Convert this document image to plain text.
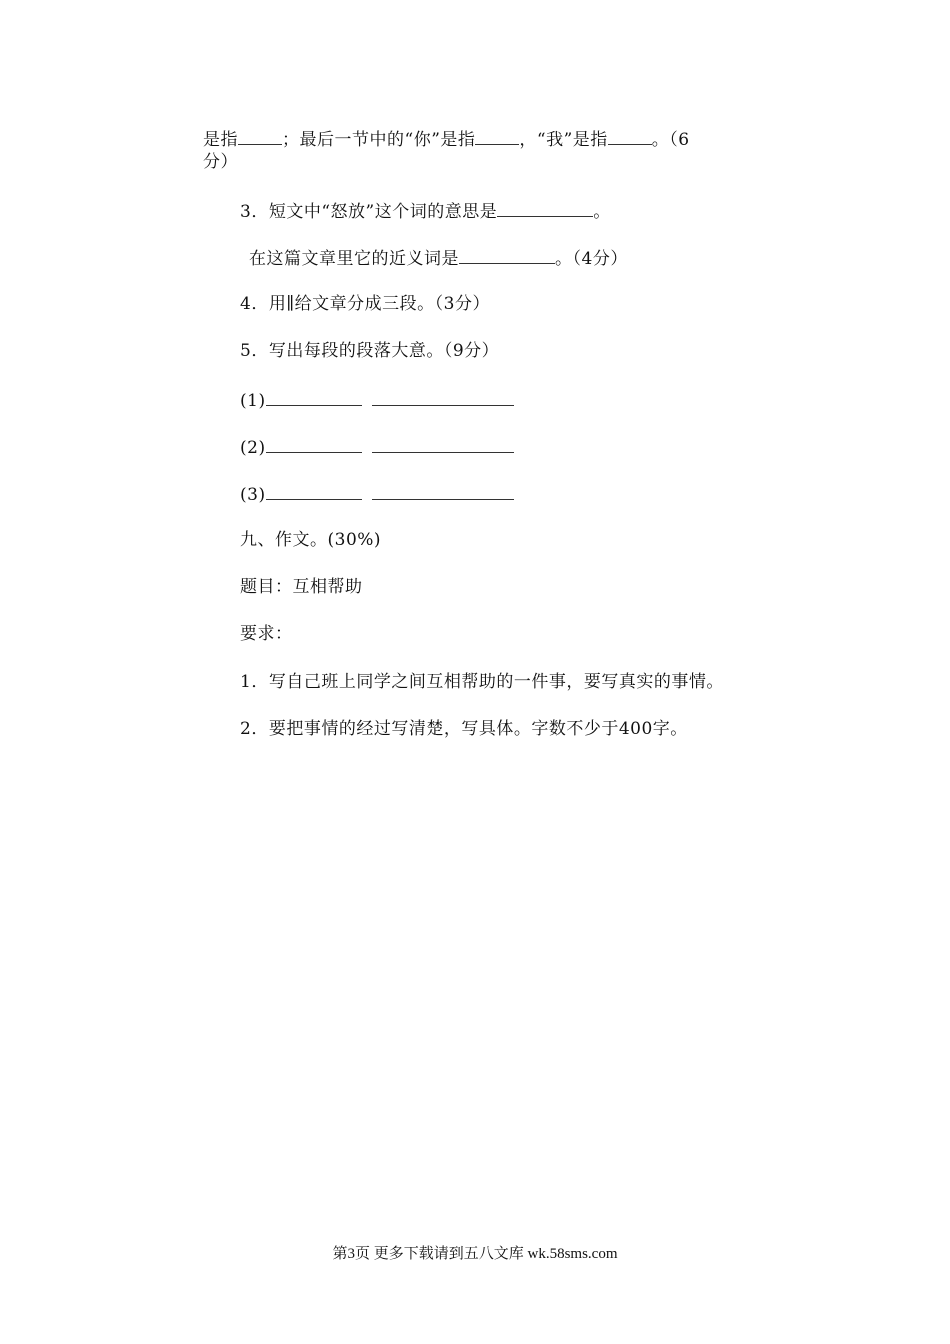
是指	；最后一节中的“你”是指	，“我”是指	。（6
分）
3．短文中“怒放”这个词的意思是	。
在这篇文章里它的近义词是	。（4分）
4．用∥给文章分成三段。（3分）
5．写出每段的段落大意。（9分）
(1)
(2)
(3)
九、作文。(30%)
题目：互相帮助
要求：
1．写自己班上同学之间互相帮助的一件事，要写真实的事情。
2．要把事情的经过写清楚，写具体。字数不少于400字。
第3页 更多下载请到五八文库 wk.58sms.com
